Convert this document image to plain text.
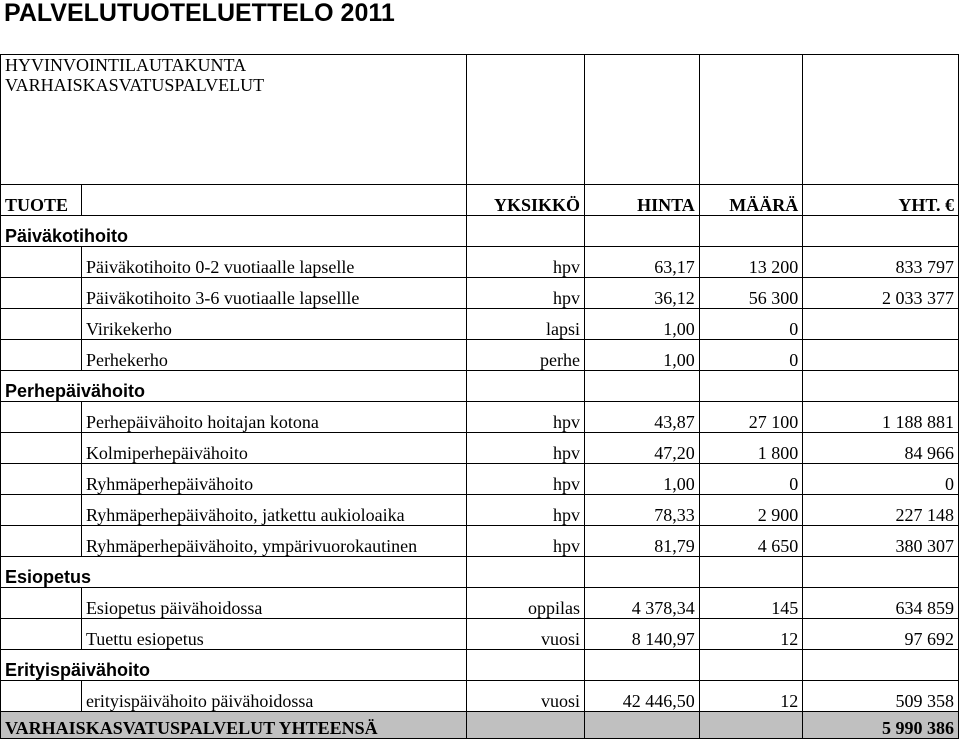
PALVELUTUOTELUETTELO 2011
HYVINVOINTILAUTAKUNTA
VARHAISKASVATUSPALVELUT					

TUOTE		YKSIKKÖ	HINTA	MÄÄRÄ	YHT. €
Päiväkotihoito					
	Päiväkotihoito 0-2 vuotiaalle lapselle	hpv	63,17	13 200	833 797
	Päiväkotihoito 3-6 vuotiaalle lapsellle	hpv	36,12	56 300	2 033 377
	Virikekerho	lapsi	1,00	0	
	Perhekerho	perhe	1,00	0	
Perhepäivähoito					
	Perhepäivähoito hoitajan kotona	hpv	43,87	27 100	1 188 881
	Kolmiperhepäivähoito	hpv	47,20	1 800	84 966
	Ryhmäperhepäivähoito	hpv	1,00	0	0
	Ryhmäperhepäivähoito, jatkettu aukioloaika	hpv	78,33	2 900	227 148
	Ryhmäperhepäivähoito, ympärivuorokautinen	hpv	81,79	4 650	380 307
Esiopetus					
	Esiopetus päivähoidossa	oppilas	4 378,34	145	634 859
	Tuettu esiopetus	vuosi	8 140,97	12	97 692
Erityispäivähoito					
	erityispäivähoito päivähoidossa	vuosi	42 446,50	12	509 358
VARHAISKASVATUSPALVELUT YHTEENSÄ					5 990 386
